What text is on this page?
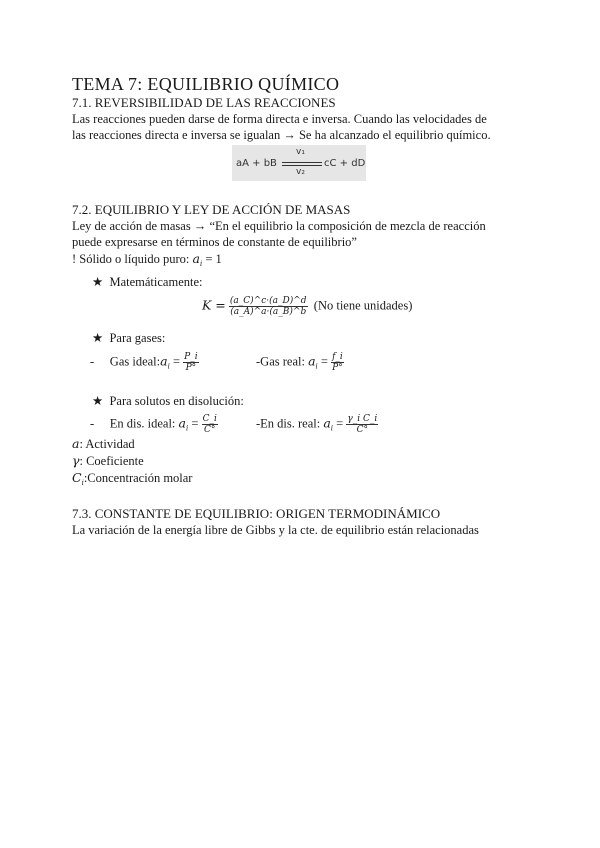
TEMA 7: EQUILIBRIO QUÍMICO
7.1. REVERSIBILIDAD DE LAS REACCIONES
Las reacciones pueden darse de forma directa e inversa. Cuando las velocidades de
las reacciones directa e inversa se igualan → Se ha alcanzado el equilibrio químico.
aA + bB
v₁
v₂
cC + dD
7.2. EQUILIBRIO Y LEY DE ACCIÓN DE MASAS
Ley de acción de masas → “En el equilibrio la composición de mezcla de reacción
puede expresarse en términos de constante de equilibrio”
! Sólido o líquido puro: $a_i = 1$
★ Matemáticamente:
$K = \frac{(a\_C)\^{}c\cdot(a\_D)\^{}d}{(a\_A)\^{}a\cdot(a\_B)\^{}b} (No$ tiene unidades)
★ Para gases:
- Gas $ideal:a_i = \frac{P\_i}{P^\circ}$	-Gas real: $a_i = \frac{f\_i}{P^\circ}$
★ Para solutos en disolución:
- En dis. ideal: $a_i = \frac{C\_i}{C^\circ}$	-En dis. real: $a_i = \frac{\text{γ\_i C\_i}}{C^\circ}$
a: Actividad
γ: Coeficiente
$C_i:Concentración$ molar
7.3. CONSTANTE DE EQUILIBRIO: ORIGEN TERMODINÁMICO
La variación de la energía libre de Gibbs y la cte. de equilibrio están relacionadas
